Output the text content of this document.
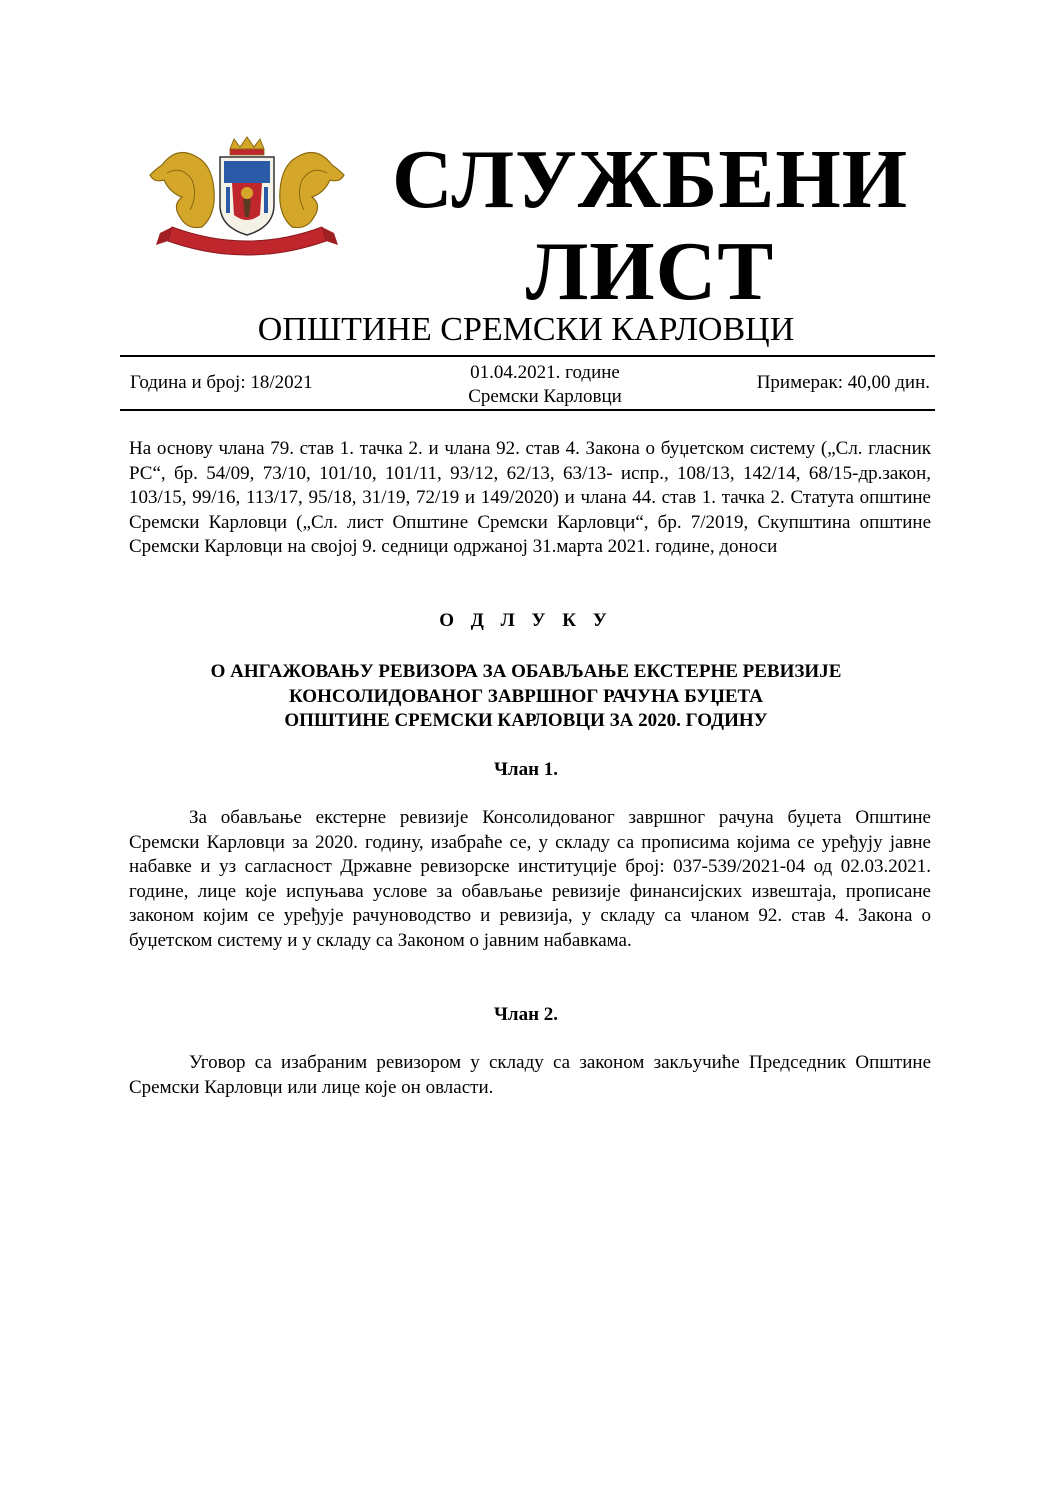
СЛУЖБЕНИ
ЛИСТ
ОПШТИНЕ СРЕМСКИ КАРЛОВЦИ
Година и број: 18/2021	01.04.2021. године
Сремски Карловци
Примерак: 40,00 дин.
На основу члана 79. став 1. тачка 2. и члана 92. став 4. Закона о буџетском систему („Сл. гласник РС“, бр. 54/09, 73/10, 101/10, 101/11, 93/12, 62/13, 63/13- испр., 108/13, 142/14, 68/15-др.закон, 103/15, 99/16, 113/17, 95/18, 31/19, 72/19 и 149/2020) и члана 44. став 1. тачка 2. Статута општине Сремски Карловци („Сл. лист Општине Сремски Карловци“, бр. 7/2019, Скупштина општине Сремски Карловци на својој 9. седници одржаној 31.марта 2021. године, доноси
О Д Л У К У
О АНГАЖОВАЊУ РЕВИЗОРА ЗА ОБАВЉАЊЕ ЕКСТЕРНЕ РЕВИЗИЈЕ
КОНСОЛИДОВАНОГ ЗАВРШНОГ РАЧУНА БУЏЕТА
ОПШТИНЕ СРЕМСКИ КАРЛОВЦИ ЗА 2020. ГОДИНУ
Члан 1.
За обављање екстерне ревизије Консолидованог завршног рачуна буџета Општине Сремски Карловци за 2020. годину, изабраће се, у складу са прописима којима се уређују јавне набавке и уз сагласност Државне ревизорске институције број: 037-539/2021-04 од 02.03.2021. године, лице које испуњава услове за обављање ревизије финансијских извештаја, прописане законом којим се уређује рачуноводство и ревизија, у складу са чланом 92. став 4. Закона о буџетском систему и у складу са Законом о јавним набавкама.
Члан 2.
Уговор са изабраним ревизором у складу са законом закључиће Председник Општине Сремски Карловци или лице које он овласти.
